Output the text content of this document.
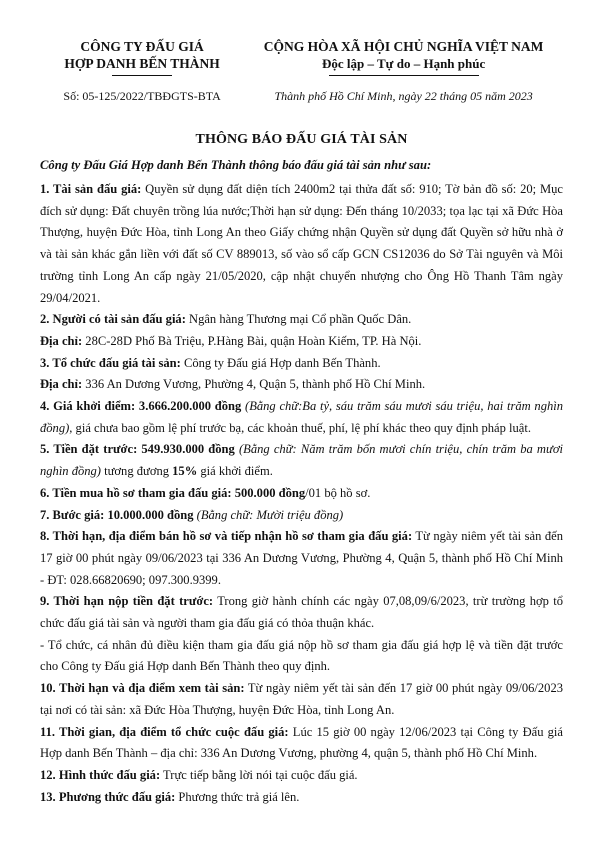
CÔNG TY ĐẤU GIÁ
HỢP DANH BẾN THÀNH
Số: 05-125/2022/TBĐGTS-BTA
CỘNG HÒA XÃ HỘI CHỦ NGHĨA VIỆT NAM
Độc lập – Tự do – Hạnh phúc
Thành phố Hồ Chí Minh, ngày 22 tháng 05 năm 2023
THÔNG BÁO ĐẤU GIÁ TÀI SẢN
Công ty Đấu Giá Hợp danh Bến Thành thông báo đấu giá tài sản như sau:

1. Tài sản đấu giá: Quyền sử dụng đất diện tích 2400m2 tại thửa đất số: 910; Tờ bản đồ số: 20; Mục đích sử dụng: Đất chuyên trồng lúa nước;Thời hạn sử dụng: Đến tháng 10/2033; tọa lạc tại xã Đức Hòa Thượng, huyện Đức Hòa, tỉnh Long An theo Giấy chứng nhận Quyền sử dụng đất Quyền sở hữu nhà ở và tài sản khác gắn liền với đất số CV 889013, số vào sổ cấp GCN CS12036 do Sở Tài nguyên và Môi trường tỉnh Long An cấp ngày 21/05/2020, cập nhật chuyển nhượng cho Ông Hồ Thanh Tâm ngày 29/04/2021.

2. Người có tài sản đấu giá: Ngân hàng Thương mại Cổ phần Quốc Dân.

Địa chỉ: 28C-28D Phố Bà Triệu, P.Hàng Bài, quận Hoàn Kiếm, TP. Hà Nội.

3. Tổ chức đấu giá tài sản: Công ty Đấu giá Hợp danh Bến Thành.

Địa chỉ: 336 An Dương Vương, Phường 4, Quận 5, thành phố Hồ Chí Minh.

4. Giá khởi điểm: 3.666.200.000 đồng (Bằng chữ:Ba tỷ, sáu trăm sáu mươi sáu triệu, hai trăm nghìn đồng), giá chưa bao gồm lệ phí trước bạ, các khoản thuế, phí, lệ phí khác theo quy định pháp luật.

5. Tiền đặt trước: 549.930.000 đồng (Bằng chữ: Năm trăm bốn mươi chín triệu, chín trăm ba mươi nghìn đồng) tương đương 15% giá khởi điểm.

6. Tiền mua hồ sơ tham gia đấu giá: 500.000 đồng/01 bộ hồ sơ.

7. Bước giá: 10.000.000 đồng (Bằng chữ: Mười triệu đồng)

8. Thời hạn, địa điểm bán hồ sơ và tiếp nhận hồ sơ tham gia đấu giá: Từ ngày niêm yết tài sản đến 17 giờ 00 phút ngày 09/06/2023 tại 336 An Dương Vương, Phường 4, Quận 5, thành phố Hồ Chí Minh - ĐT: 028.66820690; 097.300.9399.

9. Thời hạn nộp tiền đặt trước: Trong giờ hành chính các ngày 07,08,09/6/2023, trừ trường hợp tổ chức đấu giá tài sản và người tham gia đấu giá có thỏa thuận khác.

- Tổ chức, cá nhân đủ điều kiện tham gia đấu giá nộp hồ sơ tham gia đấu giá hợp lệ và tiền đặt trước cho Công ty Đấu giá Hợp danh Bến Thành theo quy định.

10. Thời hạn và địa điểm xem tài sản: Từ ngày niêm yết tài sản đến 17 giờ 00 phút ngày 09/06/2023 tại nơi có tài sản: xã Đức Hòa Thượng, huyện Đức Hòa, tỉnh Long An.

11. Thời gian, địa điểm tổ chức cuộc đấu giá: Lúc 15 giờ 00 ngày 12/06/2023 tại Công ty Đấu giá Hợp danh Bến Thành – địa chỉ: 336 An Dương Vương, phường 4, quận 5, thành phố Hồ Chí Minh.

12. Hình thức đấu giá: Trực tiếp bằng lời nói tại cuộc đấu giá.

13. Phương thức đấu giá: Phương thức trả giá lên.
